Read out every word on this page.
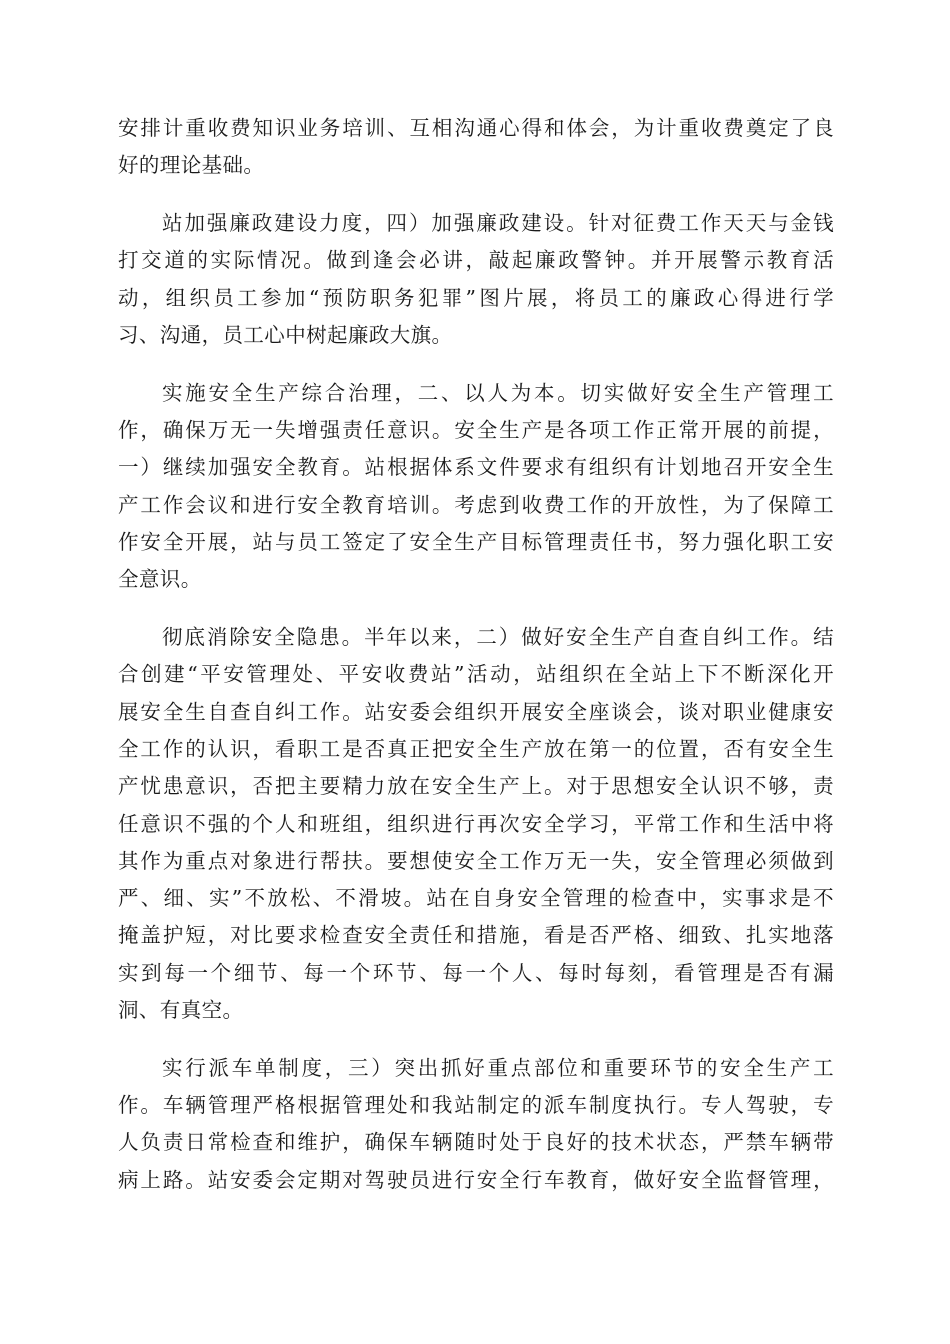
安排计重收费知识业务培训、互相沟通心得和体会，为计重收费奠定了良
好的理论基础。
站加强廉政建设力度，四）加强廉政建设。针对征费工作天天与金钱
打交道的实际情况。做到逢会必讲，敲起廉政警钟。并开展警示教育活
动，组织员工参加“预防职务犯罪”图片展，将员工的廉政心得进行学
习、沟通，员工心中树起廉政大旗。
实施安全生产综合治理，二、以人为本。切实做好安全生产管理工
作，确保万无一失增强责任意识。安全生产是各项工作正常开展的前提，
一）继续加强安全教育。站根据体系文件要求有组织有计划地召开安全生
产工作会议和进行安全教育培训。考虑到收费工作的开放性，为了保障工
作安全开展，站与员工签定了安全生产目标管理责任书，努力强化职工安
全意识。
彻底消除安全隐患。半年以来，二）做好安全生产自查自纠工作。结
合创建“平安管理处、平安收费站”活动，站组织在全站上下不断深化开
展安全生自查自纠工作。站安委会组织开展安全座谈会，谈对职业健康安
全工作的认识，看职工是否真正把安全生产放在第一的位置，否有安全生
产忧患意识，否把主要精力放在安全生产上。对于思想安全认识不够，责
任意识不强的个人和班组，组织进行再次安全学习，平常工作和生活中将
其作为重点对象进行帮扶。要想使安全工作万无一失，安全管理必须做到
严、细、实”不放松、不滑坡。站在自身安全管理的检查中，实事求是不
掩盖护短，对比要求检查安全责任和措施，看是否严格、细致、扎实地落
实到每一个细节、每一个环节、每一个人、每时每刻，看管理是否有漏
洞、有真空。
实行派车单制度，三）突出抓好重点部位和重要环节的安全生产工
作。车辆管理严格根据管理处和我站制定的派车制度执行。专人驾驶，专
人负责日常检查和维护，确保车辆随时处于良好的技术状态，严禁车辆带
病上路。站安委会定期对驾驶员进行安全行车教育，做好安全监督管理，
